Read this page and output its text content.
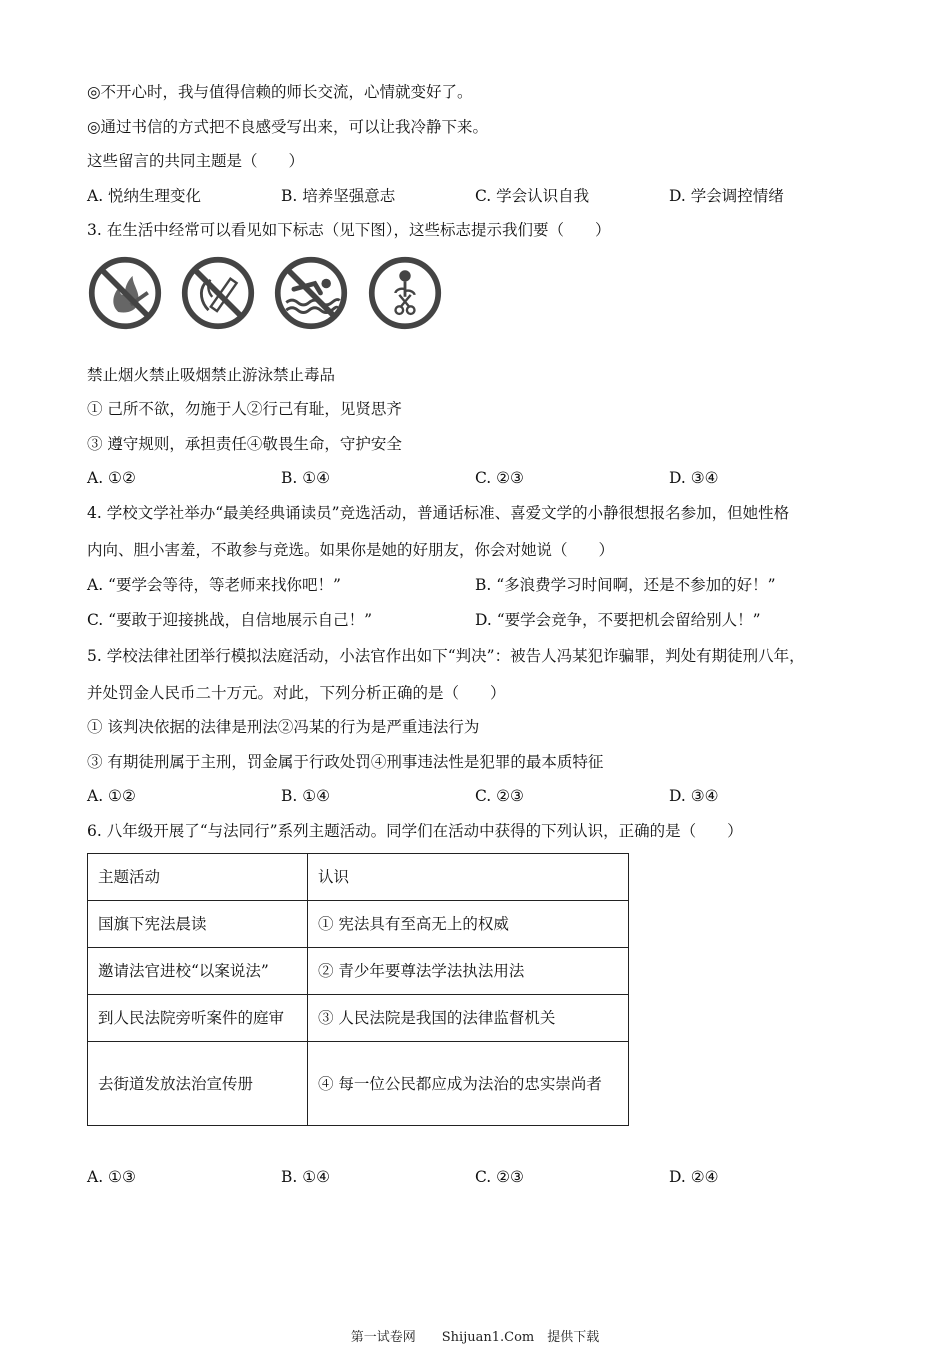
◎不开心时，我与值得信赖的师长交流，心情就变好了。
◎通过书信的方式把不良感受写出来，可以让我冷静下来。
这些留言的共同主题是（　　）
A. 悦纳生理变化	B. 培养坚强意志	C. 学会认识自我	D. 学会调控情绪
3. 在生活中经常可以看见如下标志（见下图），这些标志提示我们要（　　）
禁止烟火禁止吸烟禁止游泳禁止毒品
① 己所不欲，勿施于人②行己有耻，见贤思齐
③ 遵守规则，承担责任④敬畏生命，守护安全
A. ①②	B. ①④	C. ②③	D. ③④
4. 学校文学社举办“最美经典诵读员”竞选活动，普通话标准、喜爱文学的小静很想报名参加，但她性格
内向、胆小害羞，不敢参与竞选。如果你是她的好朋友，你会对她说（　　）
A. “要学会等待，等老师来找你吧！”	B. “多浪费学习时间啊，还是不参加的好！”
C. “要敢于迎接挑战，自信地展示自己！”	D. “要学会竞争，不要把机会留给别人！”
5. 学校法律社团举行模拟法庭活动，小法官作出如下“判决”：被告人冯某犯诈骗罪，判处有期徒刑八年，
并处罚金人民币二十万元。对此，下列分析正确的是（　　）
① 该判决依据的法律是刑法②冯某的行为是严重违法行为
③ 有期徒刑属于主刑，罚金属于行政处罚④刑事违法性是犯罪的最本质特征
A. ①②	B. ①④	C. ②③	D. ③④
6. 八年级开展了“与法同行”系列主题活动。同学们在活动中获得的下列认识，正确的是（　　）
主题活动	认识
国旗下宪法晨读	① 宪法具有至高无上的权威
邀请法官进校“以案说法”	② 青少年要尊法学法执法用法
到人民法院旁听案件的庭审	③ 人民法院是我国的法律监督机关
去街道发放法治宣传册	④ 每一位公民都应成为法治的忠实崇尚者
A. ①③	B. ①④	C. ②③	D. ②④
第一试卷网　　Shijuan1.Com　提供下载
